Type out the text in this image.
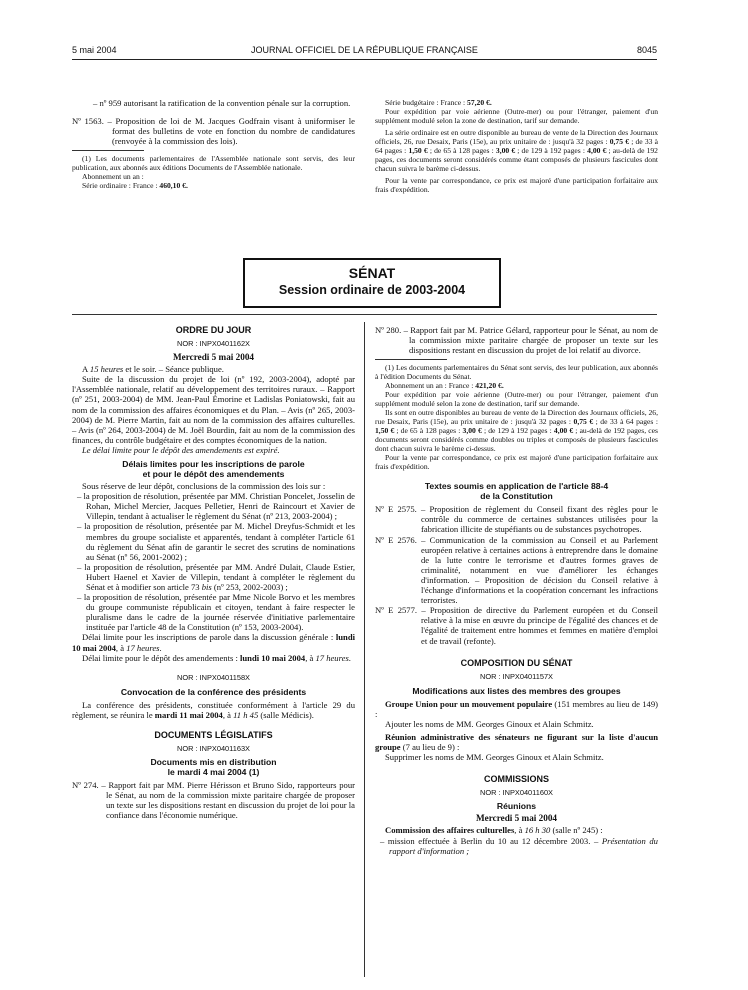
5 mai 2004	JOURNAL OFFICIEL DE LA RÉPUBLIQUE FRANÇAISE	8045

– nº 959 autorisant la ratification de la convention pénale sur la corruption.

Nº 1563. – Proposition de loi de M. Jacques Godfrain visant à uniformiser le format des bulletins de vote en fonction du nombre de candidatures (renvoyée à la commission des lois).

(1) Les documents parlementaires de l'Assemblée nationale sont servis, des leur publication, aux abonnés aux éditions Documents de l'Assemblée nationale.

Abonnement un an :

Série ordinaire : France : 460,10 €.

Série budgétaire : France : 57,20 €.

Pour expédition par voie aérienne (Outre-mer) ou pour l'étranger, paiement d'un supplément modulé selon la zone de destination, tarif sur demande.

La série ordinaire est en outre disponible au bureau de vente de la Direction des Journaux officiels, 26, rue Desaix, Paris (15e), au prix unitaire de : jusqu'à 32 pages : 0,75 € ; de 33 à 64 pages : 1,50 € ; de 65 à 128 pages : 3,00 € ; de 129 à 192 pages : 4,00 € ; au-delà de 192 pages, ces documents seront considérés comme étant composés de plusieurs fascicules dont chacun suivra le barème ci-dessus.

Pour la vente par correspondance, ce prix est majoré d'une participation forfaitaire aux frais d'expédition.

SÉNAT
Session ordinaire de 2003-2004

ORDRE DU JOUR

NOR : INPX0401162X

Mercredi 5 mai 2004

A 15 heures et le soir. – Séance publique.

Suite de la discussion du projet de loi (nº 192, 2003-2004), adopté par l'Assemblée nationale, relatif au développement des territoires ruraux. – Rapport (nº 251, 2003-2004) de MM. Jean-Paul Émorine et Ladislas Poniatowski, fait au nom de la commission des affaires économiques et du Plan. – Avis (nº 265, 2003-2004) de M. Pierre Martin, fait au nom de la commission des affaires culturelles. – Avis (nº 264, 2003-2004) de M. Joël Bourdin, fait au nom de la commission des finances, du contrôle budgétaire et des comptes économiques de la nation.

Le délai limite pour le dépôt des amendements est expiré.

Délais limites pour les inscriptions de parole

et pour le dépôt des amendements

Sous réserve de leur dépôt, conclusions de la commission des lois sur :

– la proposition de résolution, présentée par MM. Christian Poncelet, Josselin de Rohan, Michel Mercier, Jacques Pelletier, Henri de Raincourt et Xavier de Villepin, tendant à actualiser le règlement du Sénat (nº 213, 2003-2004) ;

– la proposition de résolution, présentée par M. Michel Dreyfus-Schmidt et les membres du groupe socialiste et apparentés, tendant à compléter l'article 61 du règlement du Sénat afin de garantir le secret des scrutins de nominations au Sénat (nº 56, 2001-2002) ;

– la proposition de résolution, présentée par MM. André Dulait, Claude Estier, Hubert Haenel et Xavier de Villepin, tendant à compléter le règlement du Sénat et à modifier son article 73 bis (nº 253, 2002-2003) ;

– la proposition de résolution, présentée par Mme Nicole Borvo et les membres du groupe communiste républicain et citoyen, tendant à faire respecter le pluralisme dans le cadre de la journée réservée d'initiative parlementaire instituée par l'article 48 de la Constitution (nº 153, 2003-2004).

Délai limite pour les inscriptions de parole dans la discussion générale : lundi 10 mai 2004, à 17 heures.

Délai limite pour le dépôt des amendements : lundi 10 mai 2004, à 17 heures.

NOR : INPX0401158X

Convocation de la conférence des présidents

La conférence des présidents, constituée conformément à l'article 29 du règlement, se réunira le mardi 11 mai 2004, à 11 h 45 (salle Médicis).

DOCUMENTS LÉGISLATIFS

NOR : INPX0401163X

Documents mis en distribution

le mardi 4 mai 2004 (1)

Nº 274. – Rapport fait par MM. Pierre Hérisson et Bruno Sido, rapporteurs pour le Sénat, au nom de la commission mixte paritaire chargée de proposer un texte sur les dispositions restant en discussion du projet de loi pour la confiance dans l'économie numérique.

Nº 280. – Rapport fait par M. Patrice Gélard, rapporteur pour le Sénat, au nom de la commission mixte paritaire chargée de proposer un texte sur les dispositions restant en discussion du projet de loi relatif au divorce.

(1) Les documents parlementaires du Sénat sont servis, des leur publication, aux abonnés à l'édition Documents du Sénat.

Abonnement un an : France : 421,20 €.

Pour expédition par voie aérienne (Outre-mer) ou pour l'étranger, paiement d'un supplément modulé selon la zone de destination, tarif sur demande.

Ils sont en outre disponibles au bureau de vente de la Direction des Journaux officiels, 26, rue Desaix, Paris (15e), au prix unitaire de : jusqu'à 32 pages : 0,75 € ; de 33 à 64 pages : 1,50 € ; de 65 à 128 pages : 3,00 € ; de 129 à 192 pages : 4,00 € ; au-delà de 192 pages, ces documents seront considérés comme doubles ou triples et composés de plusieurs fascicules dont chacun suivra le barème ci-dessus.

Pour la vente par correspondance, ce prix est majoré d'une participation forfaitaire aux frais d'expédition.

Textes soumis en application de l'article 88-4

de la Constitution

Nº E 2575. – Proposition de règlement du Conseil fixant des règles pour le contrôle du commerce de certaines substances utilisées pour la fabrication illicite de stupéfiants ou de substances psychotropes.

Nº E 2576. – Communication de la commission au Conseil et au Parlement européen relative à certaines actions à entreprendre dans le domaine de la lutte contre le terrorisme et d'autres formes graves de criminalité, notamment en vue d'améliorer les échanges d'information. – Proposition de décision du Conseil relative à l'échange d'informations et la coopération concernant les infractions terroristes.

Nº E 2577. – Proposition de directive du Parlement européen et du Conseil relative à la mise en œuvre du principe de l'égalité des chances et de l'égalité de traitement entre hommes et femmes en matière d'emploi et de travail (refonte).

COMPOSITION DU SÉNAT

NOR : INPX0401157X

Modifications aux listes des membres des groupes

Groupe Union pour un mouvement populaire (151 membres au lieu de 149) :

Ajouter les noms de MM. Georges Ginoux et Alain Schmitz.

Réunion administrative des sénateurs ne figurant sur la liste d'aucun groupe (7 au lieu de 9) :

Supprimer les noms de MM. Georges Ginoux et Alain Schmitz.

COMMISSIONS

NOR : INPX0401160X

Réunions

Mercredi 5 mai 2004

Commission des affaires culturelles, à 16 h 30 (salle nº 245) :

– mission effectuée à Berlin du 10 au 12 décembre 2003. – Présentation du rapport d'information ;
